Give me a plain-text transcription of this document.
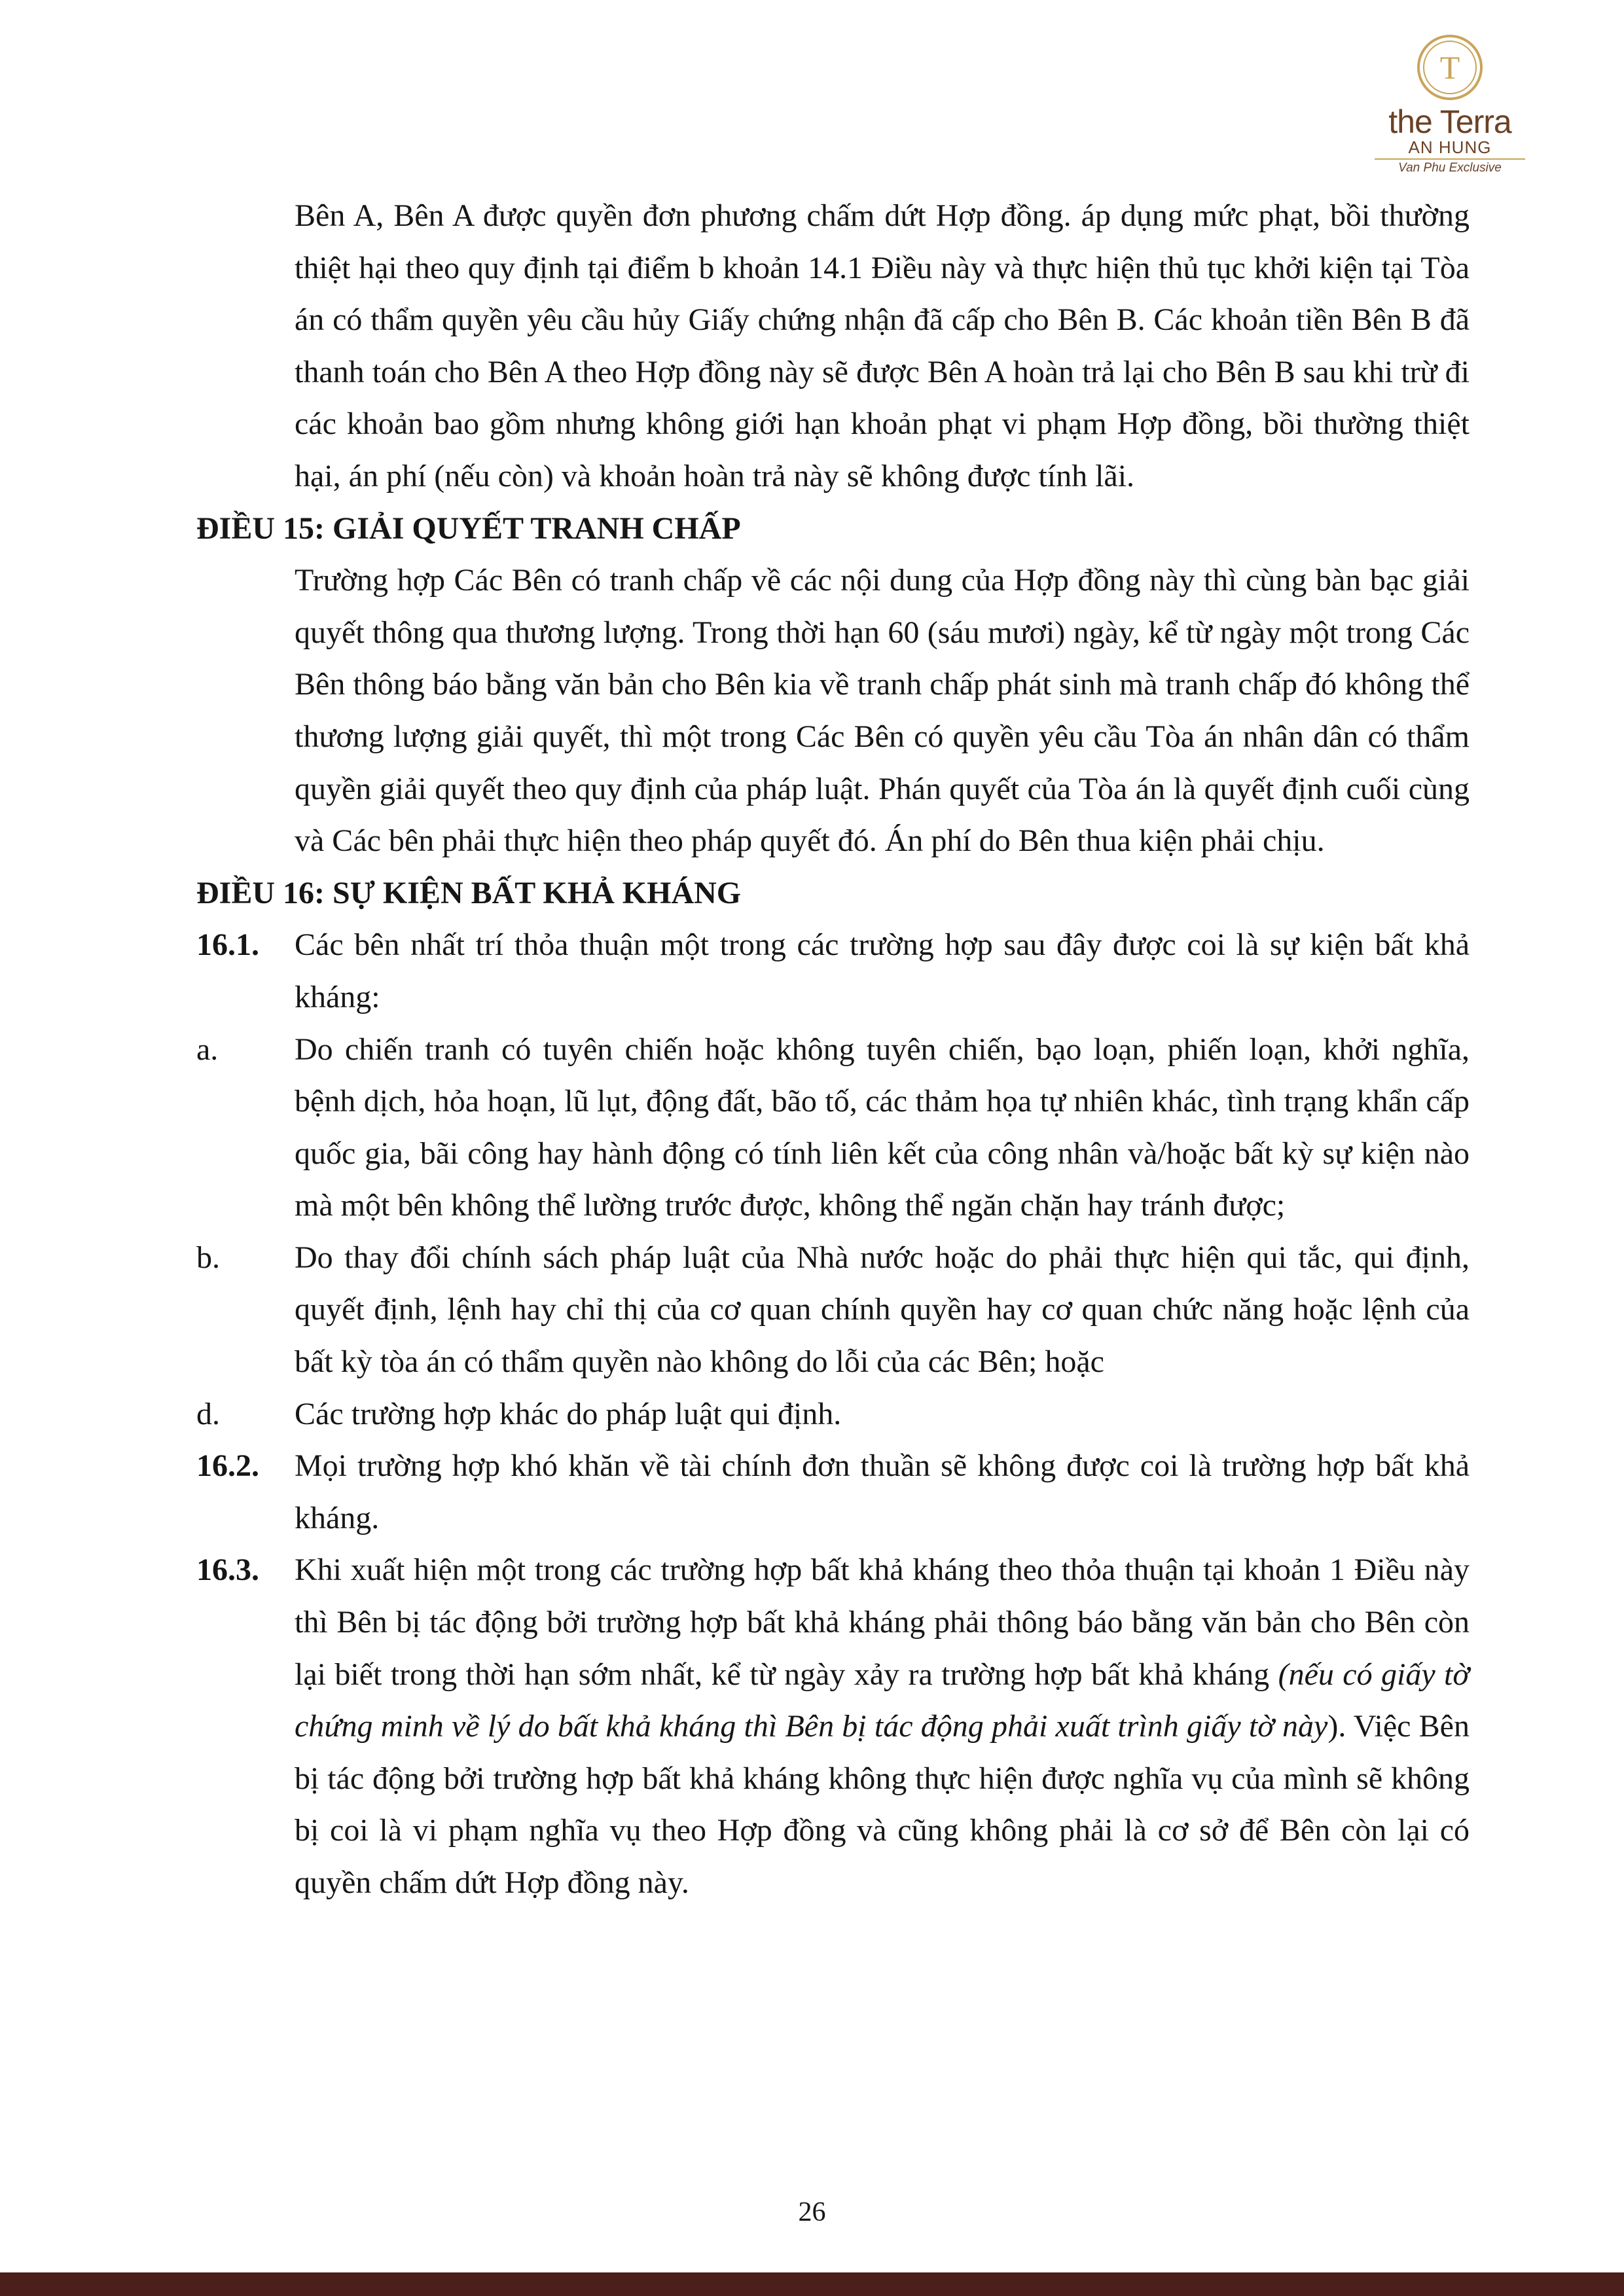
T
the Terra
AN HUNG
Van Phu Exclusive
Bên A, Bên A được quyền đơn phương chấm dứt Hợp đồng. áp dụng mức phạt, bồi thường thiệt hại theo quy định tại điểm b khoản 14.1 Điều này và thực hiện thủ tục khởi kiện tại Tòa án có thẩm quyền yêu cầu hủy Giấy chứng nhận đã cấp cho Bên B. Các khoản tiền Bên B đã thanh toán cho Bên A theo Hợp đồng này sẽ được Bên A hoàn trả lại cho Bên B sau khi trừ đi các khoản bao gồm nhưng không giới hạn khoản phạt vi phạm Hợp đồng, bồi thường thiệt hại, án phí (nếu còn) và khoản hoàn trả này sẽ không được tính lãi.
ĐIỀU 15: GIẢI QUYẾT TRANH CHẤP
Trường hợp Các Bên có tranh chấp về các nội dung của Hợp đồng này thì cùng bàn bạc giải quyết thông qua thương lượng. Trong thời hạn 60 (sáu mươi) ngày, kể từ ngày một trong Các Bên thông báo bằng văn bản cho Bên kia về tranh chấp phát sinh mà tranh chấp đó không thể thương lượng giải quyết, thì một trong Các Bên có quyền yêu cầu Tòa án nhân dân có thẩm quyền giải quyết theo quy định của pháp luật. Phán quyết của Tòa án là quyết định cuối cùng và Các bên phải thực hiện theo pháp quyết đó. Án phí do Bên thua kiện phải chịu.
ĐIỀU 16: SỰ KIỆN BẤT KHẢ KHÁNG
16.1.	Các bên nhất trí thỏa thuận một trong các trường hợp sau đây được coi là sự kiện bất khả kháng:
a.	Do chiến tranh có tuyên chiến hoặc không tuyên chiến, bạo loạn, phiến loạn, khởi nghĩa, bệnh dịch, hỏa hoạn, lũ lụt, động đất, bão tố, các thảm họa tự nhiên khác, tình trạng khẩn cấp quốc gia, bãi công hay hành động có tính liên kết của công nhân và/hoặc bất kỳ sự kiện nào mà một bên không thể lường trước được, không thể ngăn chặn hay tránh được;
b.	Do thay đổi chính sách pháp luật của Nhà nước hoặc do phải thực hiện qui tắc, qui định, quyết định, lệnh hay chỉ thị của cơ quan chính quyền hay cơ quan chức năng hoặc lệnh của bất kỳ tòa án có thẩm quyền nào không do lỗi của các Bên; hoặc
d.	Các trường hợp khác do pháp luật qui định.
16.2.	Mọi trường hợp khó khăn về tài chính đơn thuần sẽ không được coi là trường hợp bất khả kháng.
16.3.	Khi xuất hiện một trong các trường hợp bất khả kháng theo thỏa thuận tại khoản 1 Điều này thì Bên bị tác động bởi trường hợp bất khả kháng phải thông báo bằng văn bản cho Bên còn lại biết trong thời hạn sớm nhất, kể từ ngày xảy ra trường hợp bất khả kháng (nếu có giấy tờ chứng minh về lý do bất khả kháng thì Bên bị tác động phải xuất trình giấy tờ này). Việc Bên bị tác động bởi trường hợp bất khả kháng không thực hiện được nghĩa vụ của mình sẽ không bị coi là vi phạm nghĩa vụ theo Hợp đồng và cũng không phải là cơ sở để Bên còn lại có quyền chấm dứt Hợp đồng này.
26
